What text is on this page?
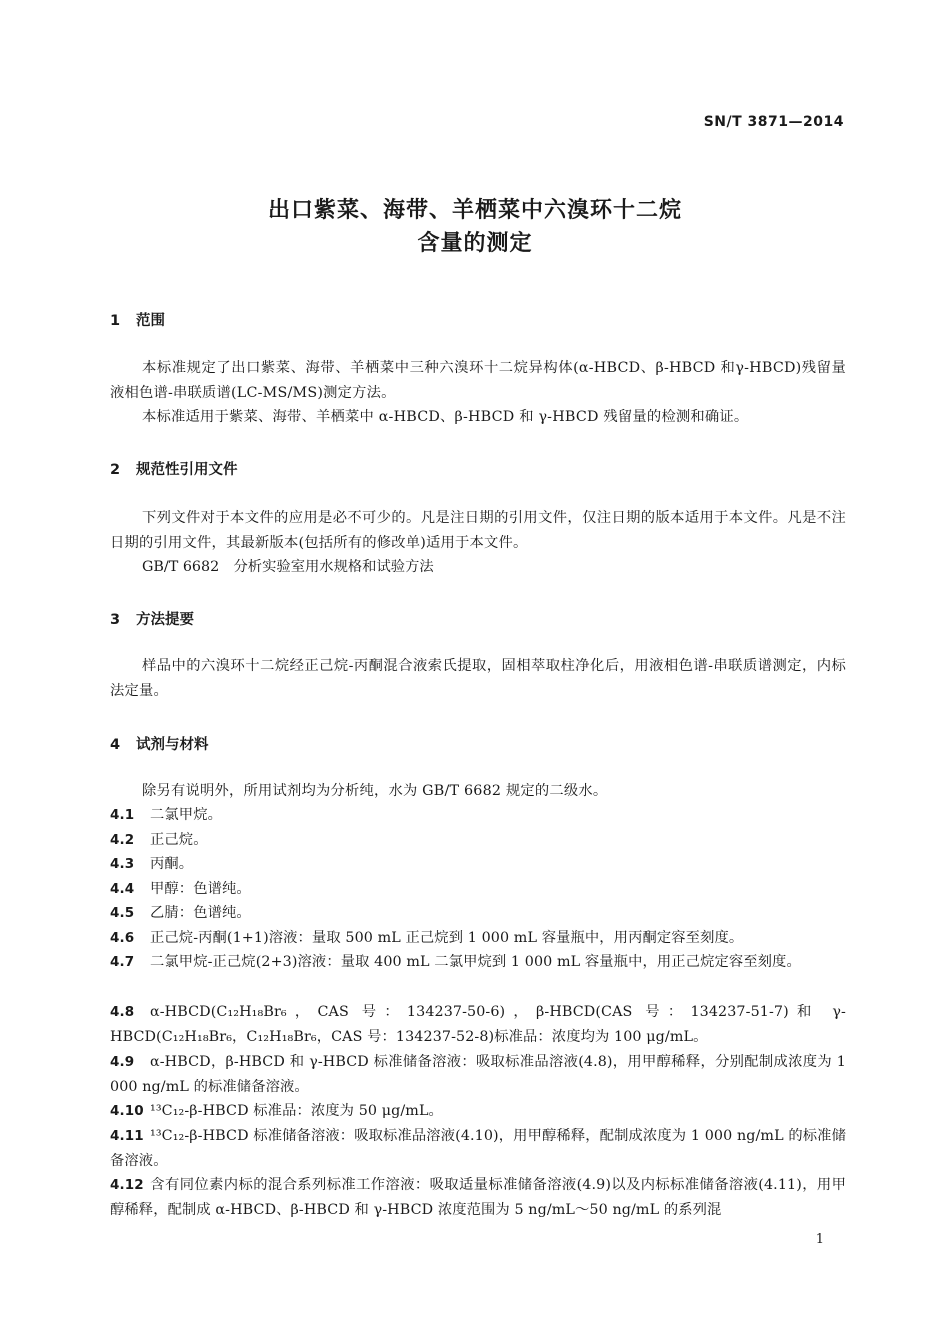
SN/T 3871—2014
出口紫菜、海带、羊栖菜中六溴环十二烷
含量的测定
1 范围
本标准规定了出口紫菜、海带、羊栖菜中三种六溴环十二烷异构体(α-HBCD、β-HBCD 和γ-HBCD)残留量液相色谱-串联质谱(LC-MS/MS)测定方法。
本标准适用于紫菜、海带、羊栖菜中 α-HBCD、β-HBCD 和 γ-HBCD 残留量的检测和确证。
2 规范性引用文件
下列文件对于本文件的应用是必不可少的。凡是注日期的引用文件，仅注日期的版本适用于本文件。凡是不注日期的引用文件，其最新版本(包括所有的修改单)适用于本文件。
GB/T 6682　分析实验室用水规格和试验方法
3 方法提要
样品中的六溴环十二烷经正己烷-丙酮混合液索氏提取，固相萃取柱净化后，用液相色谱-串联质谱测定，内标法定量。
4 试剂与材料
除另有说明外，所用试剂均为分析纯，水为 GB/T 6682 规定的二级水。
4.1 二氯甲烷。
4.2 正己烷。
4.3 丙酮。
4.4 甲醇：色谱纯。
4.5 乙腈：色谱纯。
4.6 正己烷-丙酮(1+1)溶液：量取 500 mL 正己烷到 1 000 mL 容量瓶中，用丙酮定容至刻度。
4.7 二氯甲烷-正己烷(2+3)溶液：量取 400 mL 二氯甲烷到 1 000 mL 容量瓶中，用正己烷定容至刻度。
4.8 α-HBCD(C₁₂H₁₈Br₆，CAS 号：134237-50-6)，β-HBCD(CAS 号：134237-51-7)和 γ-HBCD(C₁₂H₁₈Br₆，C₁₂H₁₈Br₆，CAS 号：134237-52-8)标准品：浓度均为 100 μg/mL。
4.9 α-HBCD，β-HBCD 和 γ-HBCD 标准储备溶液：吸取标准品溶液(4.8)，用甲醇稀释，分别配制成浓度为 1 000 ng/mL 的标准储备溶液。
4.10 ¹³C₁₂-β-HBCD 标准品：浓度为 50 μg/mL。
4.11 ¹³C₁₂-β-HBCD 标准储备溶液：吸取标准品溶液(4.10)，用甲醇稀释，配制成浓度为 1 000 ng/mL 的标准储备溶液。
4.12 含有同位素内标的混合系列标准工作溶液：吸取适量标准储备溶液(4.9)以及内标标准储备溶液(4.11)，用甲醇稀释，配制成 α-HBCD、β-HBCD 和 γ-HBCD 浓度范围为 5 ng/mL～50 ng/mL 的系列混
1
